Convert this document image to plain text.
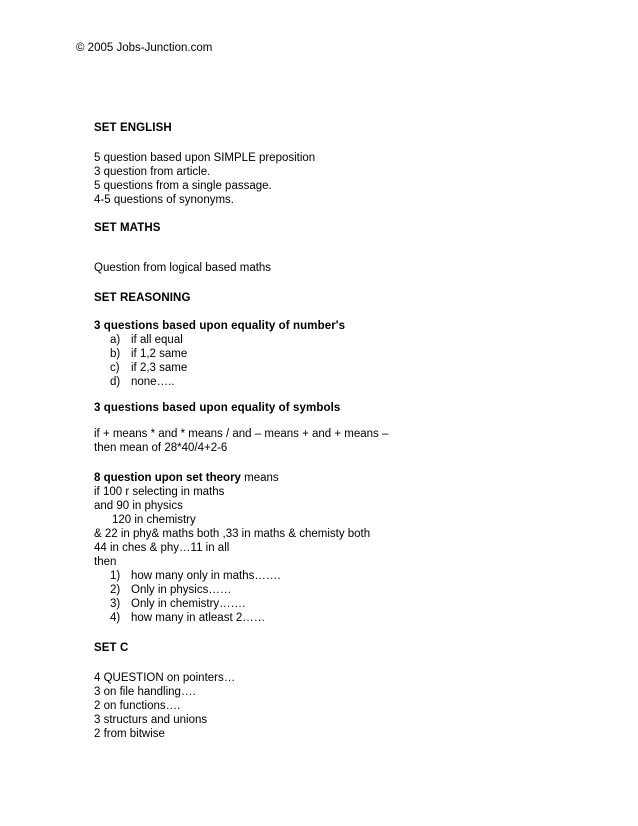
© 2005 Jobs-Junction.com
SET ENGLISH
5 question based upon SIMPLE preposition
3 question from article.
5 questions from a single passage.
4-5 questions of synonyms.
SET MATHS
Question from logical based maths
SET REASONING
3 questions based upon equality of number's
a) if all equal
b) if 1,2 same
c) if 2,3 same
d) none…..
3 questions based upon equality of symbols
if + means * and * means / and – means + and + means –
then mean of 28*40/4+2-6
8 question upon set theory means
if 100 r selecting in maths
and 90 in physics
120 in chemistry
& 22 in phy& maths both ,33 in maths & chemisty both
44 in ches & phy…11 in all
then
1) how many only in maths…….
2) Only in physics……
3) Only in chemistry…….
4) how many in atleast 2……
SET C
4 QUESTION on pointers…
3 on file handling….
2 on functions….
3 structurs and unions
2 from bitwise
